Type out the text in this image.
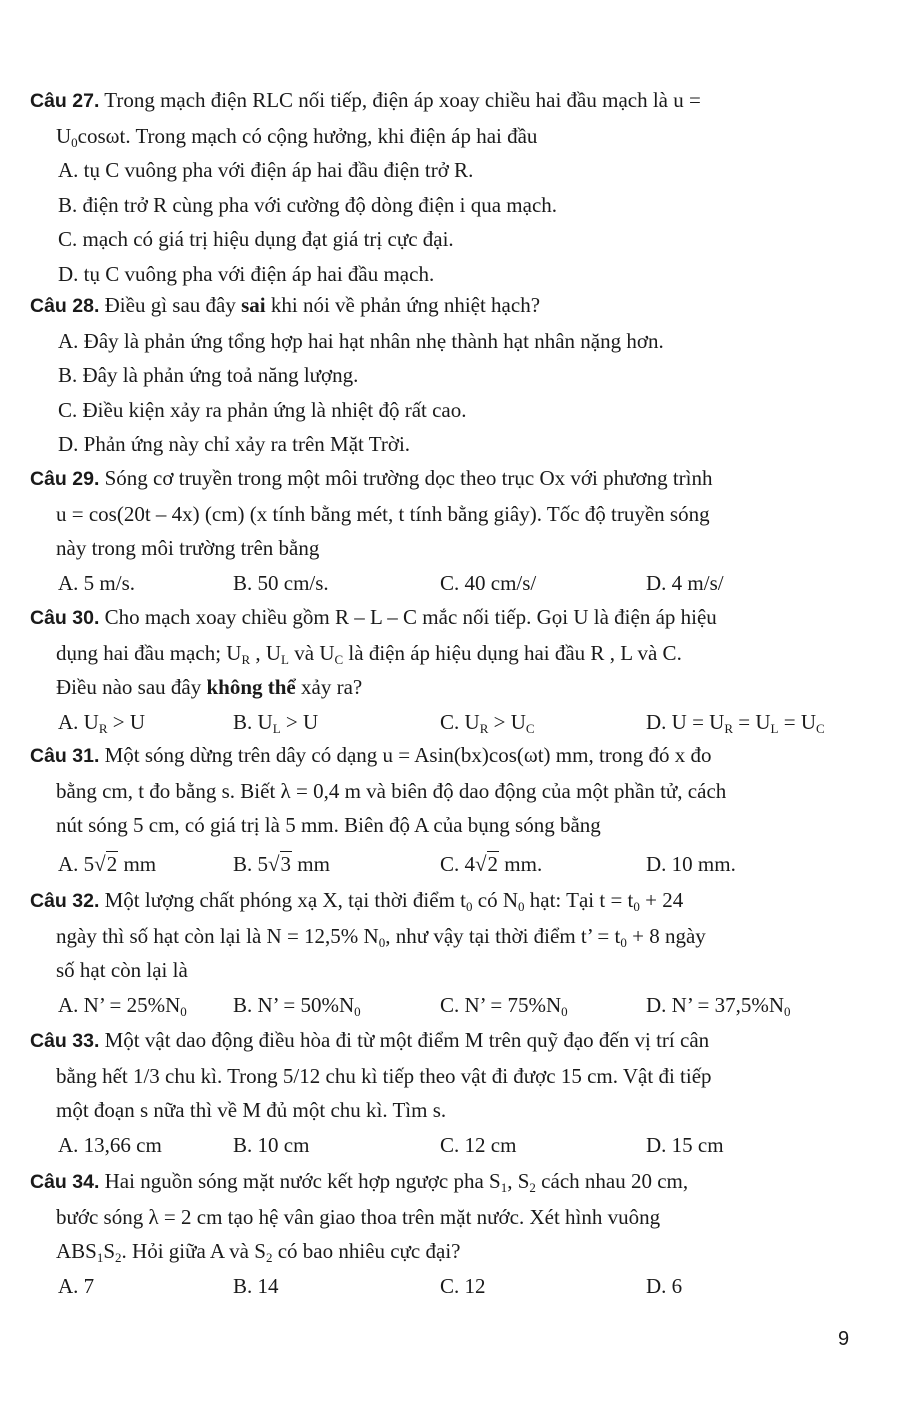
Câu 27. Trong mạch điện RLC nối tiếp, điện áp xoay chiều hai đầu mạch là u =
$U_0\cos\omega t$. Trong mạch có cộng hưởng, khi điện áp hai đầu
A. tụ C vuông pha với điện áp hai đầu điện trở R.
B. điện trở R cùng pha với cường độ dòng điện i qua mạch.
C. mạch có giá trị hiệu dụng đạt giá trị cực đại.
D. tụ C vuông pha với điện áp hai đầu mạch.
Câu 28. Điều gì sau đây sai khi nói về phản ứng nhiệt hạch?
A. Đây là phản ứng tổng hợp hai hạt nhân nhẹ thành hạt nhân nặng hơn.
B. Đây là phản ứng toả năng lượng.
C. Điều kiện xảy ra phản ứng là nhiệt độ rất cao.
D. Phản ứng này chỉ xảy ra trên Mặt Trời.
Câu 29. Sóng cơ truyền trong một môi trường dọc theo trục Ox với phương trình
u = cos(20t – 4x) (cm) (x tính bằng mét, t tính bằng giây). Tốc độ truyền sóng
này trong môi trường trên bằng
A. 5 m/s.	B. 50 cm/s.	C. 40 cm/s/	D. 4 m/s/
Câu 30. Cho mạch xoay chiều gồm R – L – C mắc nối tiếp. Gọi U là điện áp hiệu
dụng hai đầu mạch; $U_R$ , $U_L$ và $U_C$ là điện áp hiệu dụng hai đầu R , L và C.
Điều nào sau đây không thể xảy ra?
A. $U_R > U$	B. $U_L > U$	C. $U_R > U_C$	D. $U = U_R = U_L = U_C$
Câu 31. Một sóng dừng trên dây có dạng u = Asin(bx)cos(ωt) mm, trong đó x đo
bằng cm, t đo bằng s. Biết λ = 0,4 m và biên độ dao động của một phần tử, cách
nút sóng 5 cm, có giá trị là 5 mm. Biên độ A của bụng sóng bằng
A. 5√2 mm	B. 5√3 mm	C. 4√2 mm.	D. 10 mm.
Câu 32. Một lượng chất phóng xạ X, tại thời điểm $t_0$ có $N_0$ hạt: Tại $t = t_0 + 24$
ngày thì số hạt còn lại là N = 12,5% $N_0$, như vậy tại thời điểm t’ = $t_0 + 8$ ngày
số hạt còn lại là
A. N’ = $25\%N_0$ B. N’ = $50\%N_0$	C. N’ = $75\%N_0$	D. N’ = $37,5\%N_0$
Câu 33. Một vật dao động điều hòa đi từ một điểm M trên quỹ đạo đến vị trí cân
bằng hết 1/3 chu kì. Trong 5/12 chu kì tiếp theo vật đi được 15 cm. Vật đi tiếp
một đoạn s nữa thì về M đủ một chu kì. Tìm s.
A. 13,66 cm	B. 10 cm	C. 12 cm	D. 15 cm
Câu 34. Hai nguồn sóng mặt nước kết hợp ngược pha $S_1$, $S_2$ cách nhau 20 cm,
bước sóng λ = 2 cm tạo hệ vân giao thoa trên mặt nước. Xét hình vuông
$ABS_1S_2$. Hỏi giữa A và $S_2$ có bao nhiêu cực đại?
A. 7	B. 14	C. 12	D. 6
9
